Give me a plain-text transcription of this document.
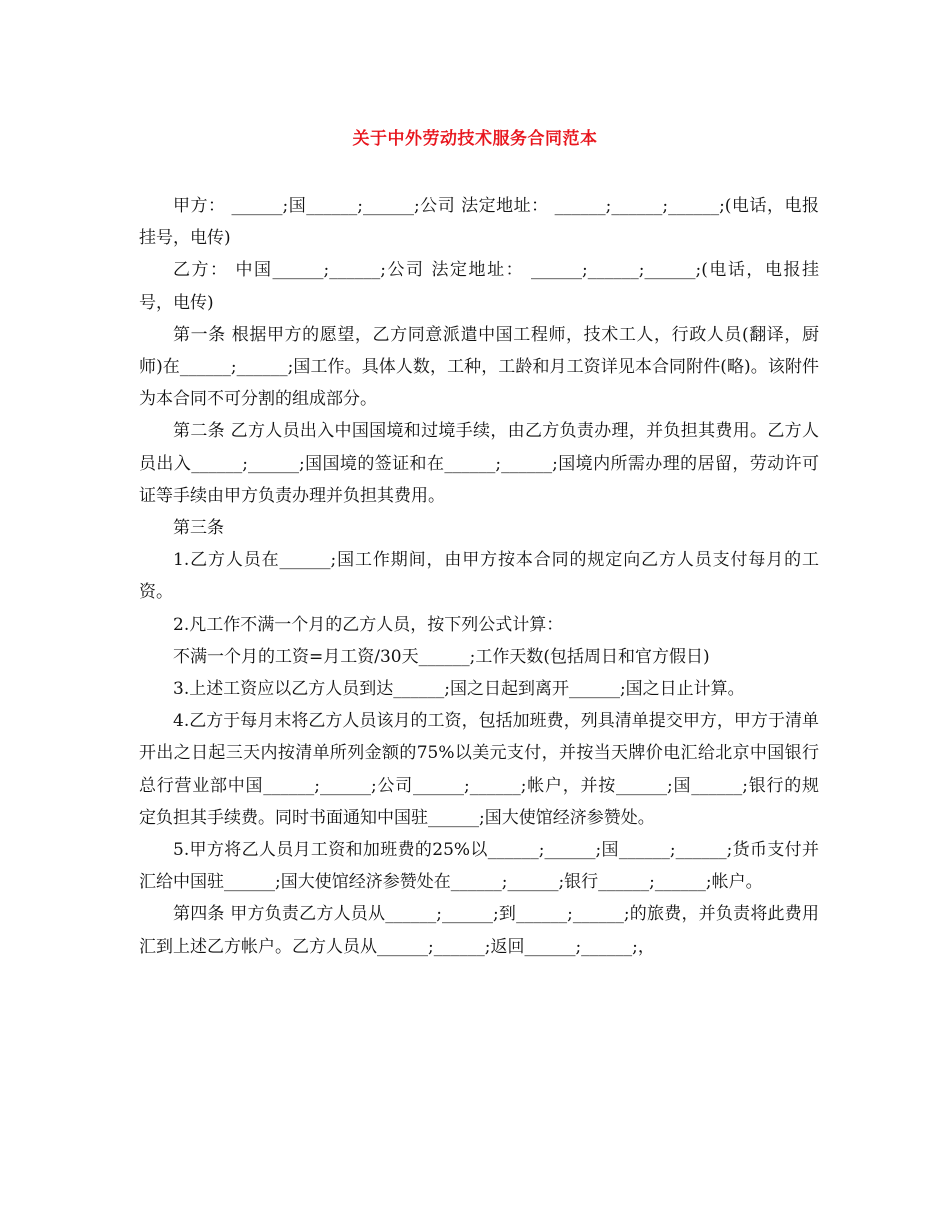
关于中外劳动技术服务合同范本

甲方： ______;国______;______;公司 法定地址： ______;______;______;(电话，电报挂号，电传)

乙方： 中国______;______;公司 法定地址： ______;______;______;(电话，电报挂号，电传)

第一条 根据甲方的愿望，乙方同意派遣中国工程师，技术工人，行政人员(翻译，厨师)在______;______;国工作。具体人数，工种，工龄和月工资详见本合同附件(略)。该附件为本合同不可分割的组成部分。

第二条 乙方人员出入中国国境和过境手续，由乙方负责办理，并负担其费用。乙方人员出入______;______;国国境的签证和在______;______;国境内所需办理的居留，劳动许可证等手续由甲方负责办理并负担其费用。

第三条

1.乙方人员在______;国工作期间，由甲方按本合同的规定向乙方人员支付每月的工资。

2.凡工作不满一个月的乙方人员，按下列公式计算：

不满一个月的工资=月工资/30天______;工作天数(包括周日和官方假日)

3.上述工资应以乙方人员到达______;国之日起到离开______;国之日止计算。

4.乙方于每月末将乙方人员该月的工资，包括加班费，列具清单提交甲方，甲方于清单开出之日起三天内按清单所列金额的75%以美元支付，并按当天牌价电汇给北京中国银行总行营业部中国______;______;公司______;______;帐户，并按______;国______;银行的规定负担其手续费。同时书面通知中国驻______;国大使馆经济参赞处。

5.甲方将乙人员月工资和加班费的25%以______;______;国______;______;货币支付并汇给中国驻______;国大使馆经济参赞处在______;______;银行______;______;帐户。

第四条 甲方负责乙方人员从______;______;到______;______;的旅费，并负责将此费用汇到上述乙方帐户。乙方人员从______;______;返回______;______;，
